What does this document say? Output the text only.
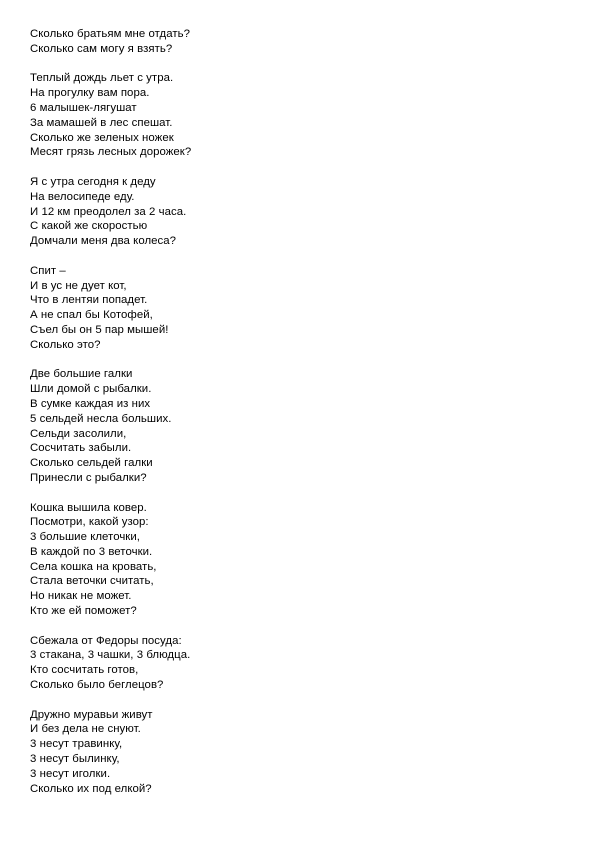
Сколько братьям мне отдать?
Сколько сам могу я взять?
Теплый дождь льет с утра.
На прогулку вам пора.
6 малышек-лягушат
За мамашей в лес спешат.
Сколько же зеленых ножек
Месят грязь лесных дорожек?
Я с утра сегодня к деду
На велосипеде еду.
И 12 км преодолел за 2 часа.
С какой же скоростью
Домчали меня два колеса?
Спит –
И в ус не дует кот,
Что в лентяи попадет.
А не спал бы Котофей,
Съел бы он 5 пар мышей!
Сколько это?
Две большие галки
Шли домой с рыбалки.
В сумке каждая из них
5 сельдей несла больших.
Сельди засолили,
Сосчитать забыли.
Сколько сельдей галки
Принесли с рыбалки?
Кошка вышила ковер.
Посмотри, какой узор:
3 большие клеточки,
В каждой по 3 веточки.
Села кошка на кровать,
Стала веточки считать,
Но никак не может.
Кто же ей поможет?
Сбежала от Федоры посуда:
3 стакана, 3 чашки, 3 блюдца.
Кто сосчитать готов,
Сколько было беглецов?
Дружно муравьи живут
И без дела не снуют.
3 несут травинку,
3 несут былинку,
3 несут иголки.
Сколько их под елкой?
